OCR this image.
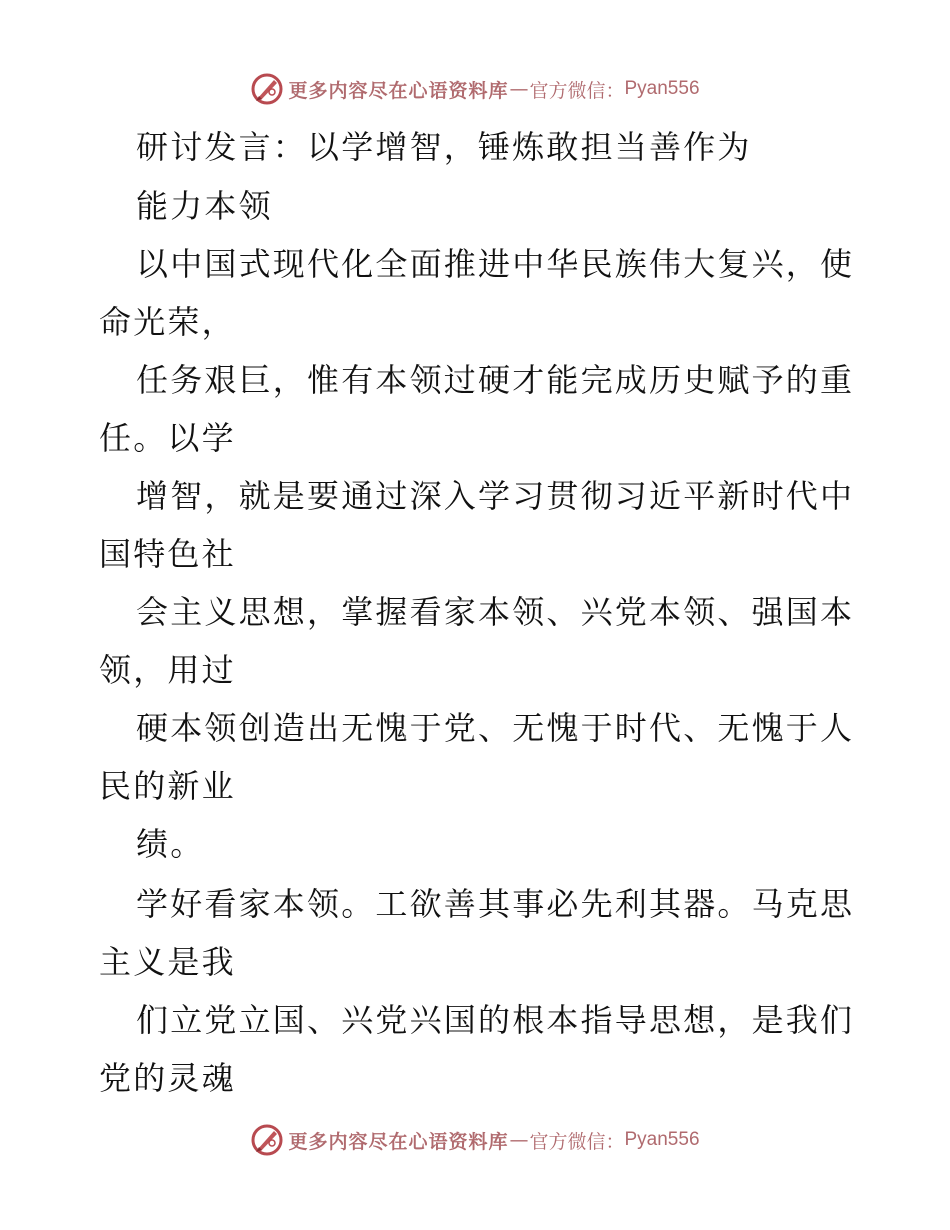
更多内容尽在心语资料库 — 官方微信： Pyan556
研讨发言：以学增智，锤炼敢担当善作为
能力本领
以中国式现代化全面推进中华民族伟大复兴，使
命光荣，
任务艰巨，惟有本领过硬才能完成历史赋予的重
任。以学
增智，就是要通过深入学习贯彻习近平新时代中
国特色社
会主义思想，掌握看家本领、兴党本领、强国本
领，用过
硬本领创造出无愧于党、无愧于时代、无愧于人
民的新业
绩。
学好看家本领。工欲善其事必先利其器。马克思
主义是我
们立党立国、兴党兴国的根本指导思想，是我们
党的灵魂
更多内容尽在心语资料库 — 官方微信： Pyan556
